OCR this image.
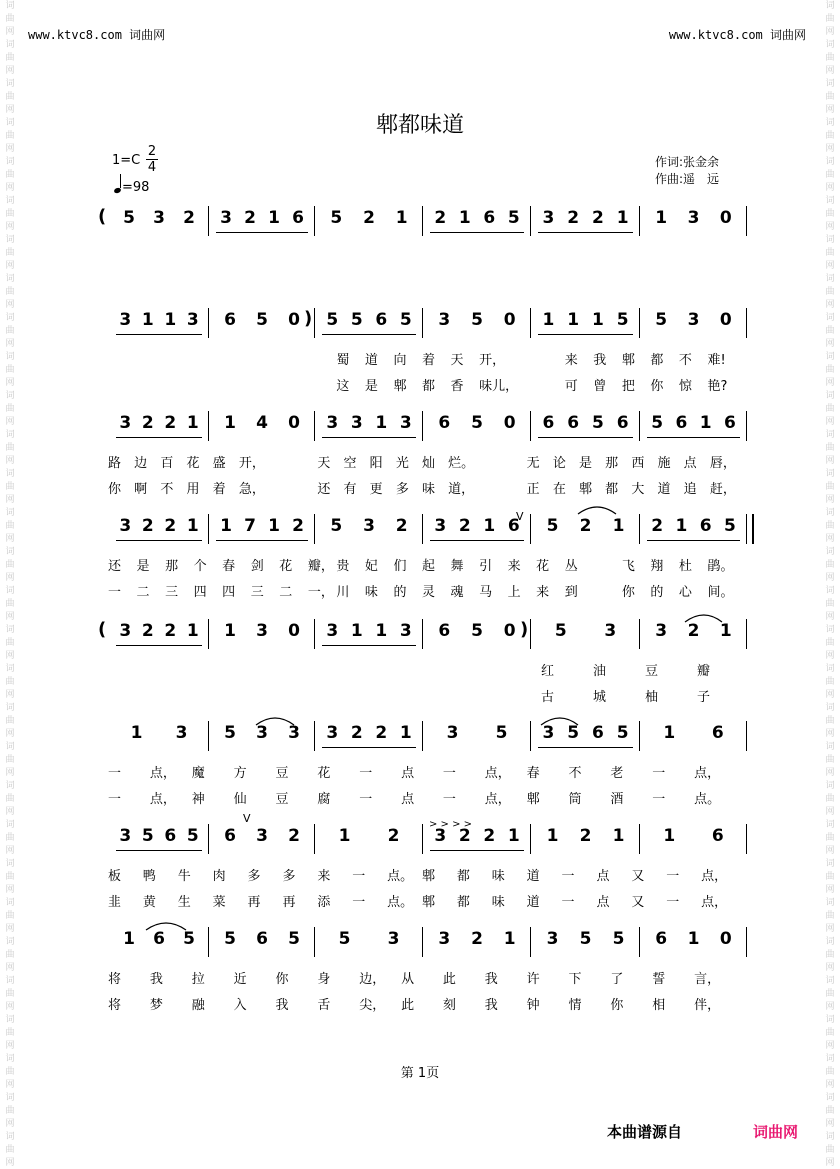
词曲网词曲网词曲网词曲网词曲网词曲网词曲网词曲网词曲网词曲网词曲网词曲网词曲网词曲网词曲网词曲网词曲网词曲网词曲网词曲网词曲网词曲网词曲网词曲网词曲网词曲网词曲网词曲网词曲网词曲网
词曲网词曲网词曲网词曲网词曲网词曲网词曲网词曲网词曲网词曲网词曲网词曲网词曲网词曲网词曲网词曲网词曲网词曲网词曲网词曲网词曲网词曲网词曲网词曲网词曲网词曲网词曲网词曲网词曲网词曲网
www.ktvc8.com 词曲网	www.ktvc8.com 词曲网
郫都味道
1=C
2
4
=98
作词:张金余
作曲:遥　远
5 3 2 3 2 1 6 5 2 1 2 1 6 5 3 2 2 1 1 3 0
3 1 1 3 6 5 0 5 5 6 5 3 5 0 1 1 1 5 5 3 0
蜀 道 向 着 天 开，	来 我 郫 都 不 难!
这 是 郫 都 香 味儿，	可 曾 把 你 惊 艳?
3 2 2 1 1 4 0 3 3 1 3 6 5 0 6 6 5 6 5 6 1 6
路 边 百 花 盛 开，	天 空 阳 光 灿 烂。	无 论 是 那 西 施 点 唇，
你 啊 不 用 着 急，	还 有 更 多 味 道，	正 在 郫 都 大 道 追 赶，
3 2 2 1 1 7 1 2 5 3 2 3 2 1 6 5 2 1 2 1 6 5
还 是 那 个 春 剑 花 瓣， 贵 妃 们 起 舞 引 来 花 丛	飞 翔 杜 鹃。
一 二 三 四 四 三 二 一， 川 味 的 灵 魂 马 上 来 到	你 的 心 间。
3 2 2 1 1 3 0 3 1 1 3 6 5 0 5 3 3 2 1
红	油	豆	瓣
古	城	柚	子
1 3 5 3 3 3 2 2 1 3 5 3 5 6 5 1 6
一 点， 魔 方 豆 花 一 点 一 点， 春 不 老 一 点，
一 点， 神 仙 豆 腐 一 点 一 点， 郫 筒 酒 一 点。
3 5 6 5 6 3 2 1 2 3 2 2 1 1 2 1 1 6
板 鸭 牛 肉 多 多 来 一 点。 郫 都 味 道 一 点 又 一 点，
韭 黄 生 菜 再 再 添 一 点。 郫 都 味 道 一 点 又 一 点，
1 6 5 5 6 5 5 3 3 2 1 3 5 5 6 1 0
将 我 拉 近 你 身 边， 从 此 我 许 下 了 誓 言，
将 梦 融 入 我 舌 尖， 此 刻 我 钟 情 你 相 伴，
(
)
(	)
V
V	> > > >
第 1页
本曲谱源自	词曲网
